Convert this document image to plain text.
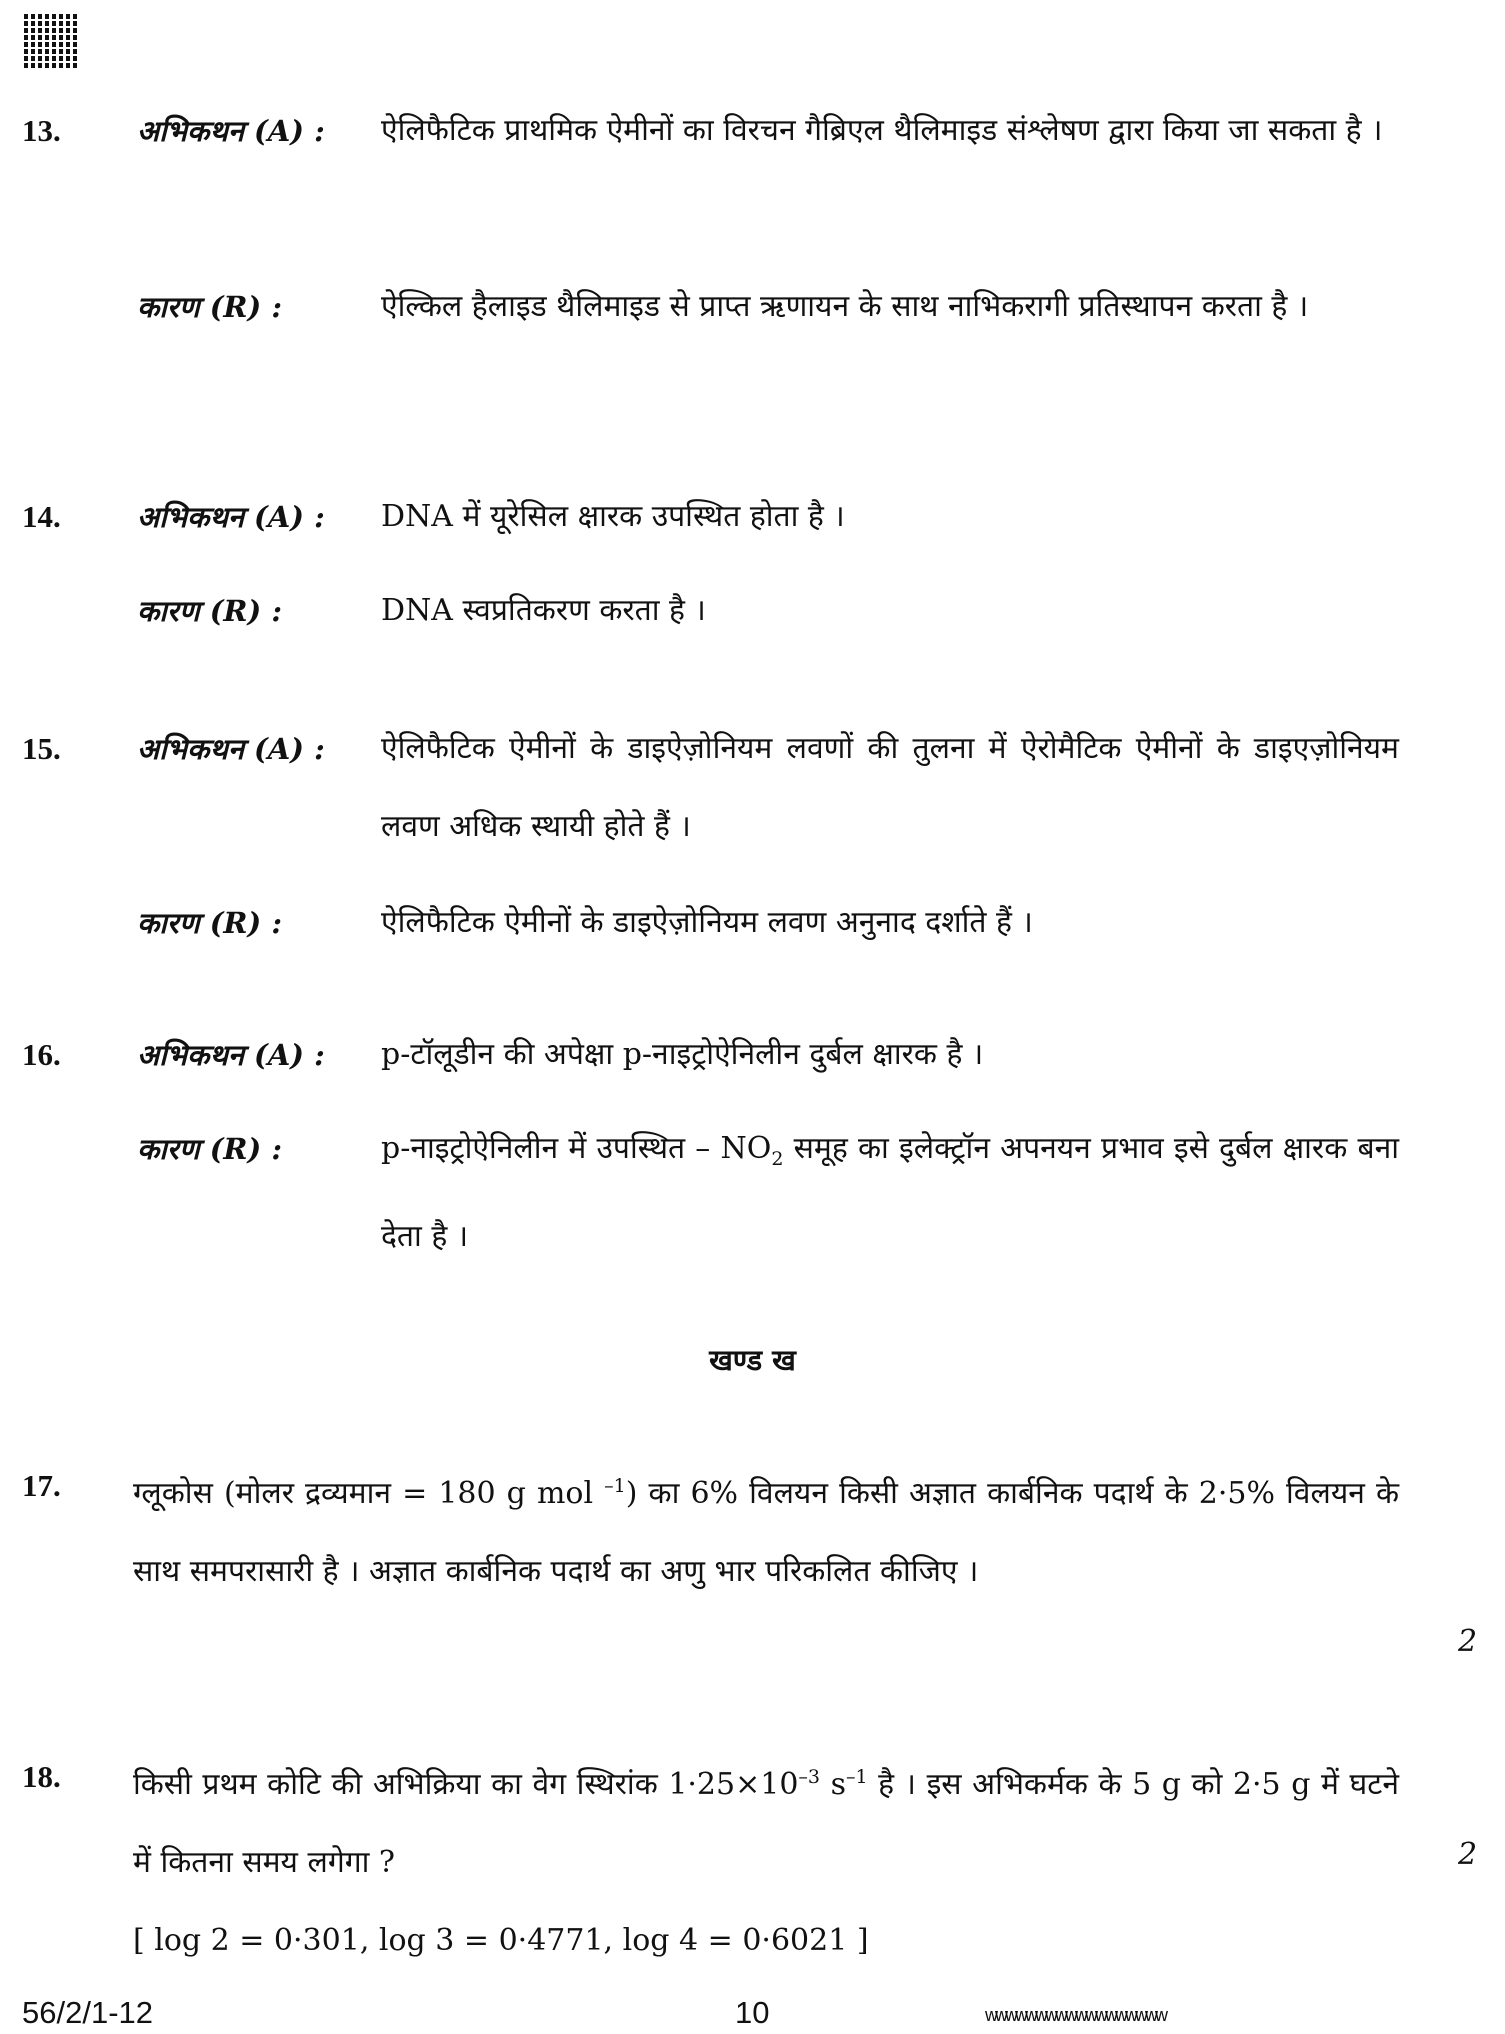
13.	अभिकथन (A) : ऐलिफैटिक प्राथमिक ऐमीनों का विरचन गैब्रिएल थैलिमाइड संश्लेषण द्वारा किया जा सकता है ।
कारण (R) :	ऐल्किल हैलाइड थैलिमाइड से प्राप्त ऋणायन के साथ नाभिकरागी प्रतिस्थापन करता है ।
14.	अभिकथन (A) : DNA में यूरेसिल क्षारक उपस्थित होता है ।
कारण (R) :	DNA स्वप्रतिकरण करता है ।
15.	अभिकथन (A) : ऐलिफैटिक ऐमीनों के डाइऐज़ोनियम लवणों की तुलना में ऐरोमैटिक ऐमीनों के डाइएज़ोनियम लवण अधिक स्थायी होते हैं ।
कारण (R) :	ऐलिफैटिक ऐमीनों के डाइऐज़ोनियम लवण अनुनाद दर्शाते हैं ।
16.	अभिकथन (A) : p-टॉलूडीन की अपेक्षा p-नाइट्रोऐनिलीन दुर्बल क्षारक है ।
कारण (R) :	p-नाइट्रोऐनिलीन में उपस्थित – $NO_2$ समूह का इलेक्ट्रॉन अपनयन प्रभाव इसे दुर्बल क्षारक बना देता है ।
खण्ड ख
17. ग्लूकोस (मोलर द्रव्यमान = 180 g mol $^{-1}$) का 6% विलयन किसी अज्ञात कार्बनिक पदार्थ के 2·5% विलयन के साथ समपरासारी है । अज्ञात कार्बनिक पदार्थ का अणु भार परिकलित कीजिए ।
2
18. किसी प्रथम कोटि की अभिक्रिया का वेग स्थिरांक $1\cdot 25\times 10^{-3}$ $s^{-1}$ है । इस अभिकर्मक के 5 g को 2·5 g में घटने में कितना समय लगेगा ?	2
[ log 2 = 0·301, log 3 = 0·4771, log 4 = 0·6021 ]
56/2/1-12	10	wwwwwwwwwwwwwwwwww
